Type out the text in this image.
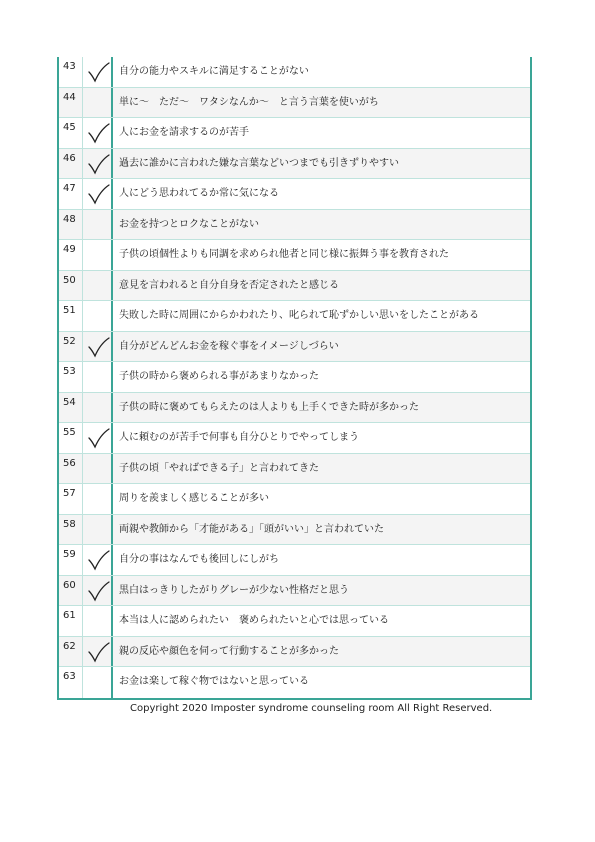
43	自分の能力やスキルに満足することがない
44	単に～　ただ～　ワタシなんか～　と言う言葉を使いがち
45	人にお金を請求するのが苦手
46	過去に誰かに言われた嫌な言葉などいつまでも引きずりやすい
47	人にどう思われてるか常に気になる
48	お金を持つとロクなことがない
49	子供の頃個性よりも同調を求められ他者と同じ様に振舞う事を教育された
50	意見を言われると自分自身を否定されたと感じる
51	失敗した時に周囲にからかわれたり、叱られて恥ずかしい思いをしたことがある
52	自分がどんどんお金を稼ぐ事をイメージしづらい
53	子供の時から褒められる事があまりなかった
54	子供の時に褒めてもらえたのは人よりも上手くできた時が多かった
55	人に頼むのが苦手で何事も自分ひとりでやってしまう
56	子供の頃「やればできる子」と言われてきた
57	周りを羨ましく感じることが多い
58	両親や教師から「才能がある」「頭がいい」と言われていた
59	自分の事はなんでも後回しにしがち
60	黒白はっきりしたがりグレーが少ない性格だと思う
61	本当は人に認められたい　褒められたいと心では思っている
62	親の反応や顔色を伺って行動することが多かった
63	お金は楽して稼ぐ物ではないと思っている
Copyright 2020 Imposter syndrome counseling room All Right Reserved.
